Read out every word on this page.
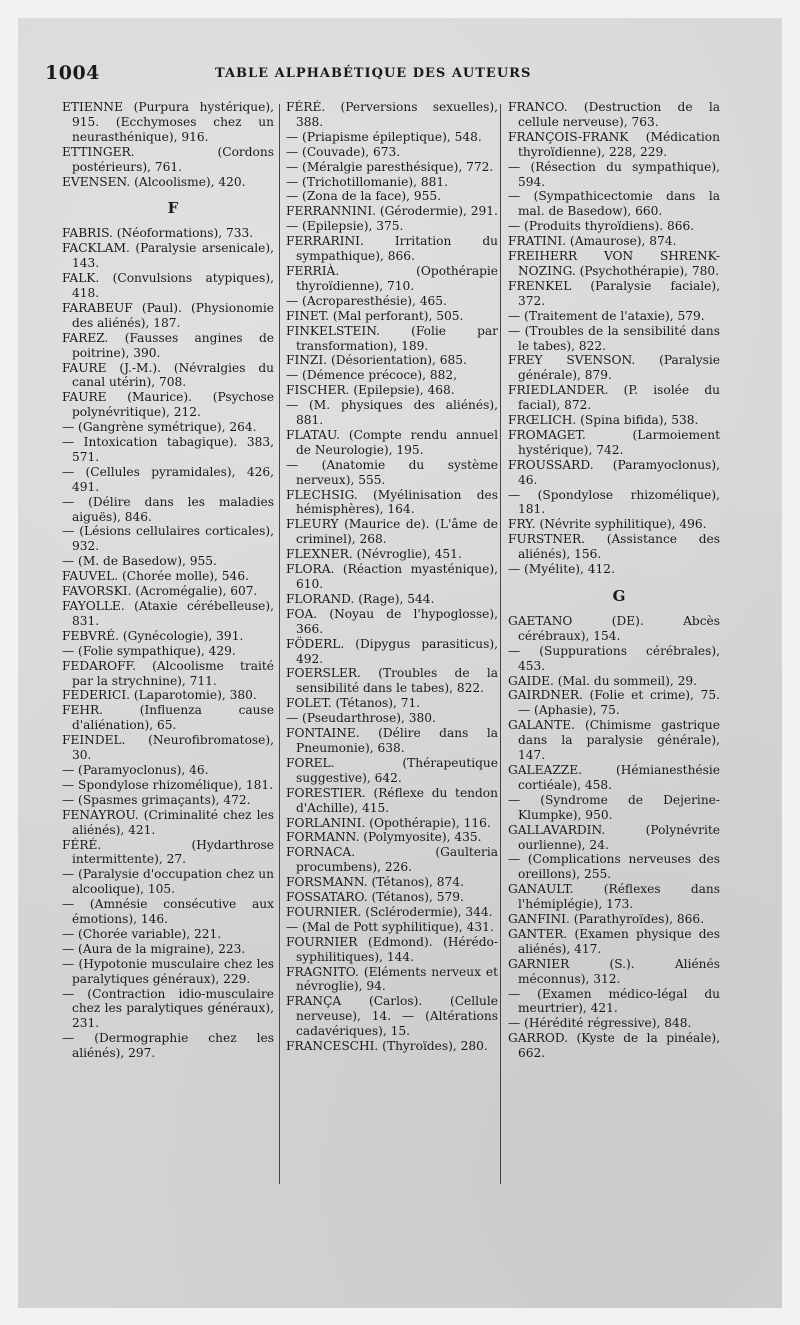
1004	TABLE ALPHABÉTIQUE DES AUTEURS

ETIENNE (Purpura hystérique), 915. (Ecchymoses chez un neurasthénique), 916.

ETTINGER. (Cordons postérieurs), 761.

EVENSEN. (Alcoolisme), 420.

F

FABRIS. (Néoformations), 733.

FACKLAM. (Paralysie arsenicale), 143.

FALK. (Convulsions atypiques), 418.

FARABEUF (Paul). (Physionomie des aliénés), 187.

FAREZ. (Fausses angines de poitrine), 390.

FAURE (J.-M.). (Névralgies du canal utérin), 708.

FAURE (Maurice). (Psychose polynévritique), 212.

— (Gangrène symétrique), 264.

— Intoxication tabagique). 383, 571.

— (Cellules pyramidales), 426, 491.

— (Délire dans les maladies aiguës), 846.

— (Lésions cellulaires corticales), 932.

— (M. de Basedow), 955.

FAUVEL. (Chorée molle), 546.

FAVORSKI. (Acromégalie), 607.

FAYOLLE. (Ataxie cérébelleuse), 831.

FEBVRÉ. (Gynécologie), 391.

— (Folie sympathique), 429.

FEDAROFF. (Alcoolisme traité par la strychnine), 711.

FEDERICI. (Laparotomie), 380.

FEHR. (Influenza cause d'aliénation), 65.

FEINDEL. (Neurofibromatose), 30.

— (Paramyoclonus), 46.

— Spondylose rhizomélique), 181.

— (Spasmes grimaçants), 472.

FENAYROU. (Criminalité chez les aliénés), 421.

FÉRÉ. (Hydarthrose intermittente), 27.

— (Paralysie d'occupation chez un alcoolique), 105.

— (Amnésie consécutive aux émotions), 146.

— (Chorée variable), 221.

— (Aura de la migraine), 223.

— (Hypotonie musculaire chez les paralytiques généraux), 229.

— (Contraction idio-musculaire chez les paralytiques généraux), 231.

— (Dermographie chez les aliénés), 297.

FÉRÉ. (Perversions sexuelles), 388.

— (Priapisme épileptique), 548.

— (Couvade), 673.

— (Méralgie paresthésique), 772.

— (Trichotillomanie), 881.

— (Zona de la face), 955.

FERRANNINI. (Gérodermie), 291.

— (Epilepsie), 375.

FERRARINI. Irritation du sympathique), 866.

FERRIÀ. (Opothérapie thyroïdienne), 710.

— (Acroparesthésie), 465.

FINET. (Mal perforant), 505.

FINKELSTEIN. (Folie par transformation), 189.

FINZI. (Désorientation), 685.

— (Démence précoce), 882,

FISCHER. (Epilepsie), 468.

— (M. physiques des aliénés), 881.

FLATAU. (Compte rendu annuel de Neurologie), 195.

— (Anatomie du système nerveux), 555.

FLECHSIG. (Myélinisation des hémisphères), 164.

FLEURY (Maurice de). (L'âme de criminel), 268.

FLEXNER. (Névroglie), 451.

FLORA. (Réaction myasténique), 610.

FLORAND. (Rage), 544.

FOA. (Noyau de l'hypoglosse), 366.

FÖDERL. (Dipygus parasiticus), 492.

FOERSLER. (Troubles de la sensibilité dans le tabes), 822.

FOLET. (Tétanos), 71.

— (Pseudarthrose), 380.

FONTAINE. (Délire dans la Pneumonie), 638.

FOREL. (Thérapeutique suggestive), 642.

FORESTIER. (Réflexe du tendon d'Achille), 415.

FORLANINI. (Opothérapie), 116.

FORMANN. (Polymyosite), 435.

FORNACA. (Gaulteria procumbens), 226.

FORSMANN. (Tétanos), 874.

FOSSATARO. (Tétanos), 579.

FOURNIER. (Sclérodermie), 344.

— (Mal de Pott syphilitique), 431.

FOURNIER (Edmond). (Hérédo-syphilitiques), 144.

FRAGNITO. (Eléments nerveux et névroglie), 94.

FRANÇA (Carlos). (Cellule nerveuse), 14. — (Altérations cadavériques), 15.

FRANCESCHI. (Thyroïdes), 280.

FRANCO. (Destruction de la cellule nerveuse), 763.

FRANÇOIS-FRANK (Médication thyroïdienne), 228, 229.

— (Résection du sympathique), 594.

— (Sympathicectomie dans la mal. de Basedow), 660.

— (Produits thyroïdiens). 866.

FRATINI. (Amaurose), 874.

FREIHERR VON SHRENK-NOZING. (Psychothérapie), 780.

FRENKEL (Paralysie faciale), 372.

— (Traitement de l'ataxie), 579.

— (Troubles de la sensibilité dans le tabes), 822.

FREY SVENSON. (Paralysie générale), 879.

FRIEDLANDER. (P. isolée du facial), 872.

FRŒLICH. (Spina bifida), 538.

FROMAGET. (Larmoiement hystérique), 742.

FROUSSARD. (Paramyoclonus), 46.

— (Spondylose rhizomélique), 181.

FRY. (Névrite syphilitique), 496.

FURSTNER. (Assistance des aliénés), 156.

— (Myélite), 412.

G

GAETANO (DE). Abcès cérébraux), 154.

— (Suppurations cérébrales), 453.

GAIDE. (Mal. du sommeil), 29.

GAIRDNER. (Folie et crime), 75. — (Aphasie), 75.

GALANTE. (Chimisme gastrique dans la paralysie générale), 147.

GALEAZZE. (Hémianesthésie cortiéale), 458.

— (Syndrome de Dejerine-Klumpke), 950.

GALLAVARDIN. (Polynévrite ourlienne), 24.

— (Complications nerveuses des oreillons), 255.

GANAULT. (Réflexes dans l'hémiplégie), 173.

GANFINI. (Parathyroïdes), 866.

GANTER. (Examen physique des aliénés), 417.

GARNIER (S.). Aliénés méconnus), 312.

— (Examen médico-légal du meurtrier), 421.

— (Hérédité régressive), 848.

GARROD. (Kyste de la pinéale), 662.
